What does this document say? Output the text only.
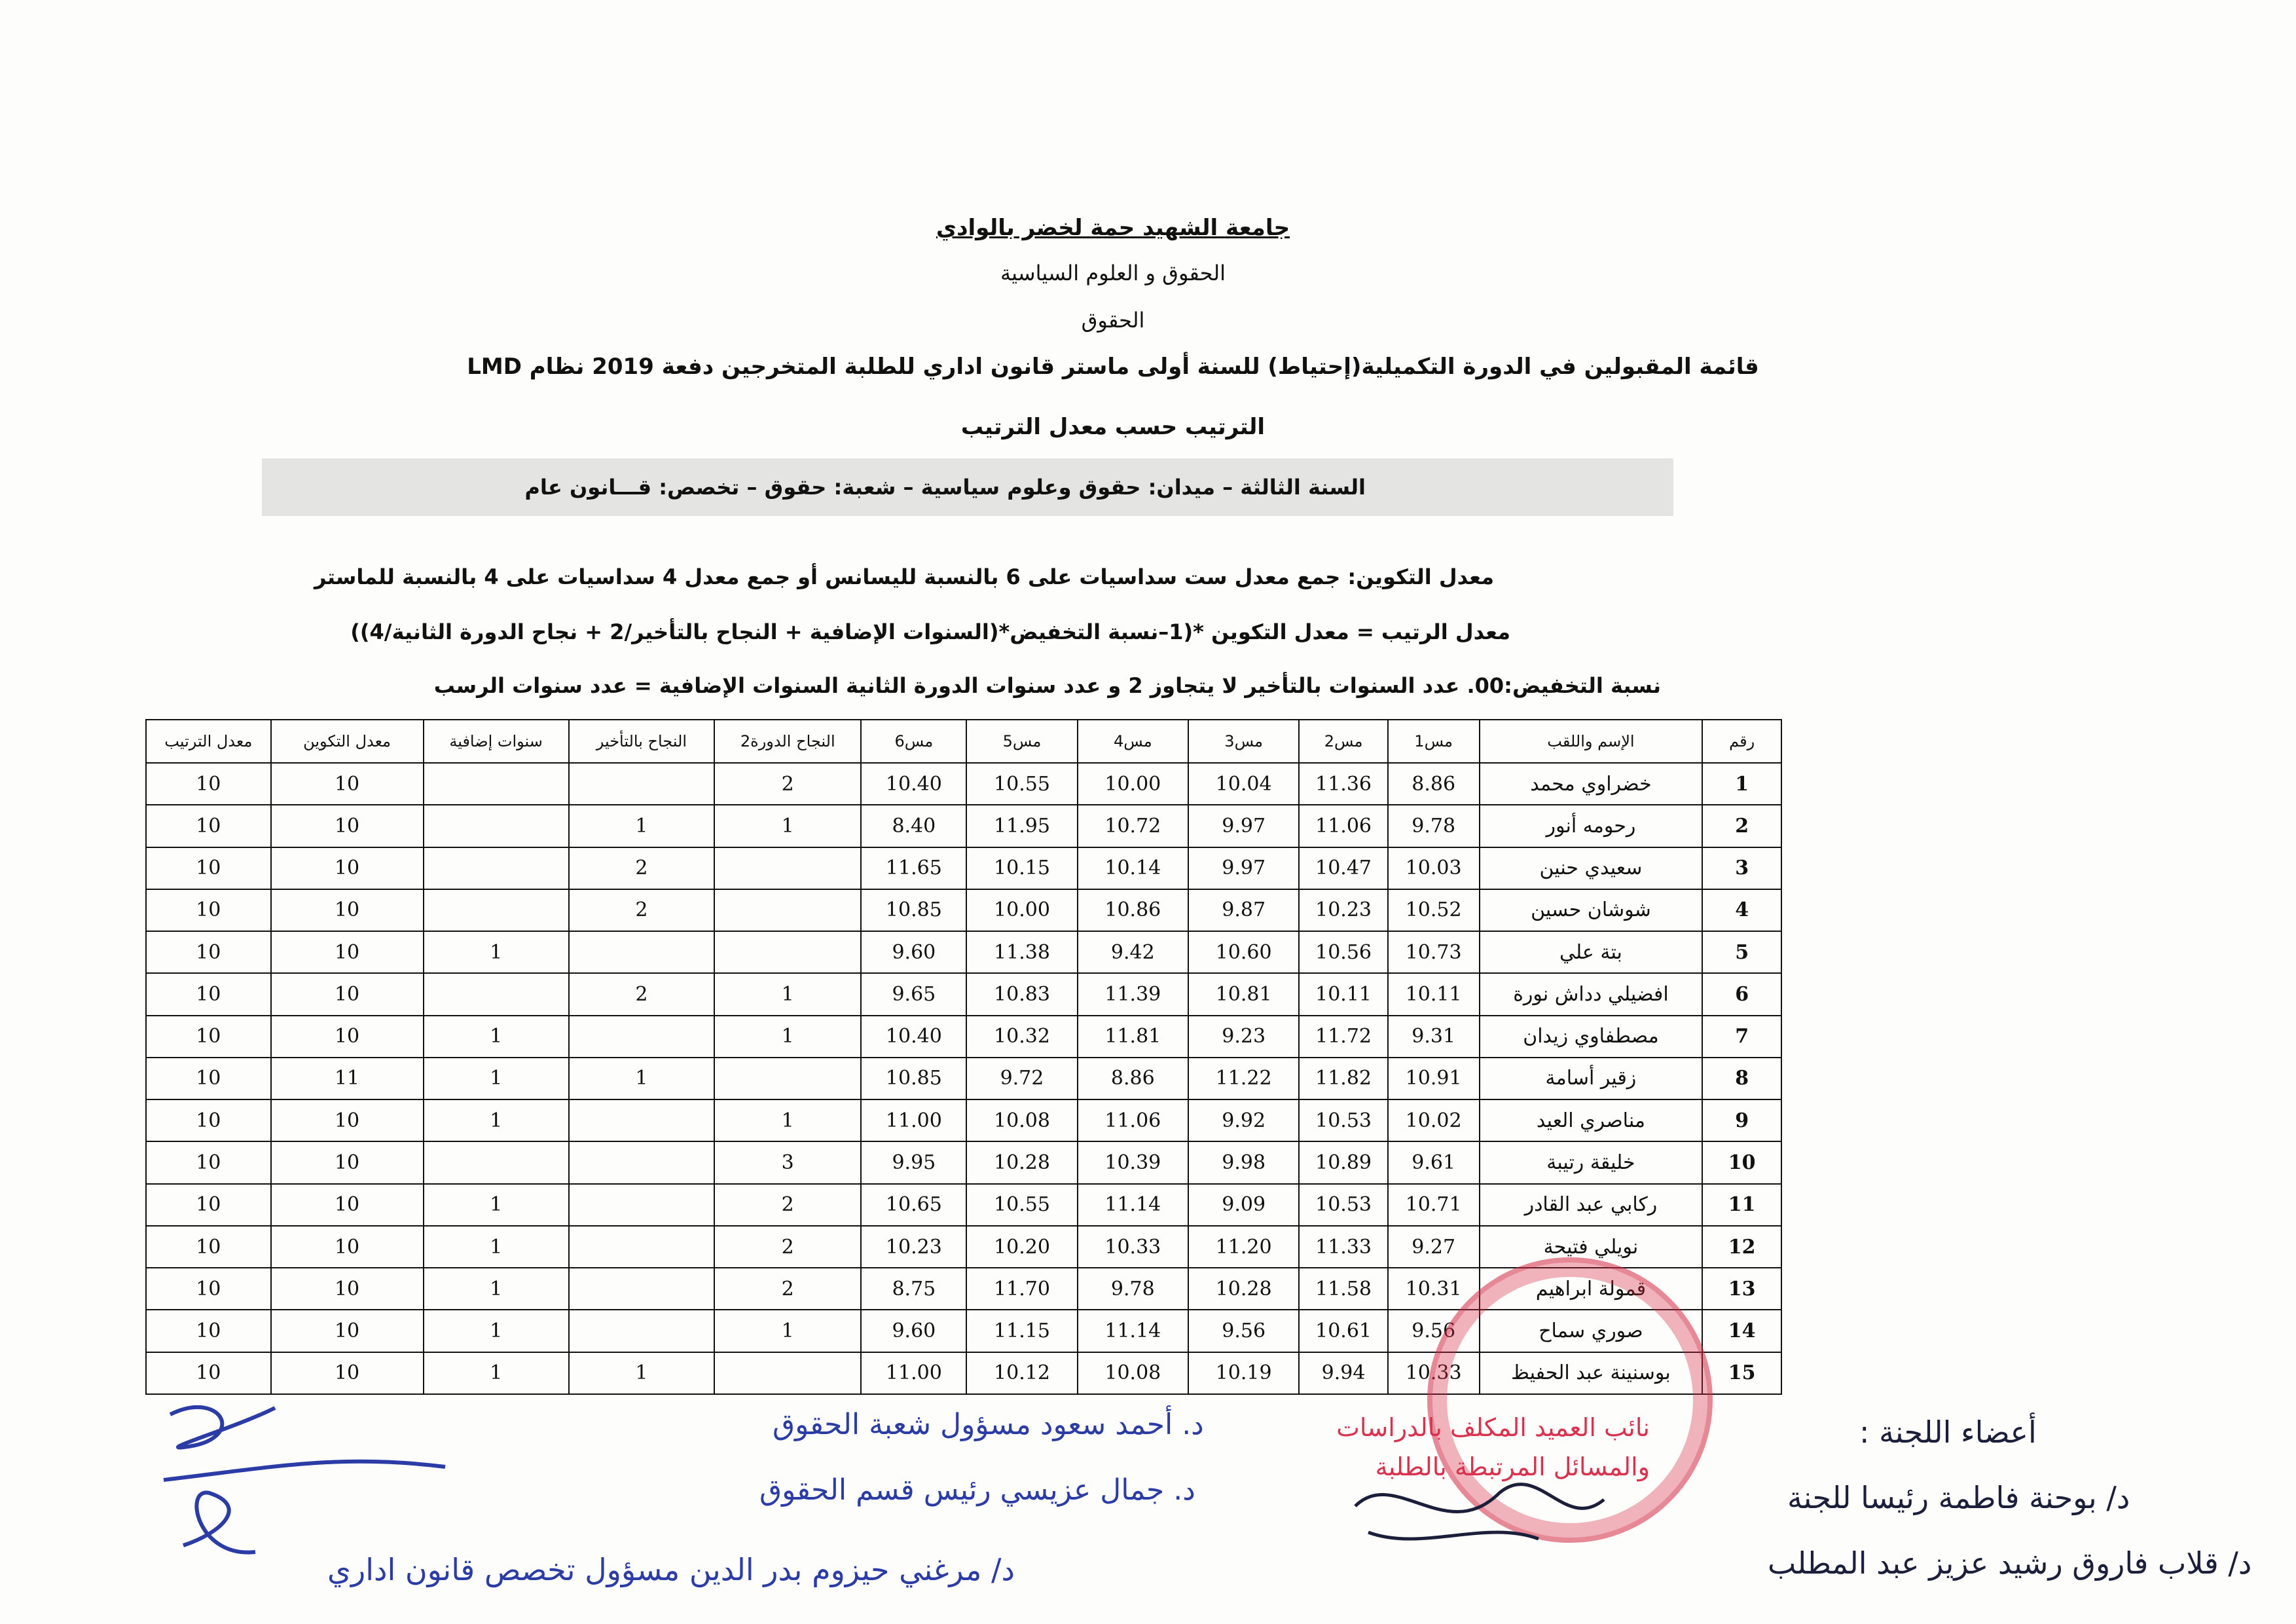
جامعة الشهيد حمة لخضر بالوادي
الحقوق و العلوم السياسية
الحقوق
قائمة المقبولين في الدورة التكميلية(إحتياط) للسنة أولى ماستر قانون اداري للطلبة المتخرجين دفعة 2019 نظام LMD
الترتيب حسب معدل الترتيب
السنة الثالثة – ميدان: حقوق وعلوم سياسية – شعبة: حقوق – تخصص: قـــانون عام
معدل التكوين: جمع معدل ست سداسيات على 6 بالنسبة لليسانس أو جمع معدل 4 سداسيات على 4 بالنسبة للماستر
معدل الرتيب = معدل التكوين *(1–نسبة التخفيض*(السنوات الإضافية + النجاح بالتأخير/2 + نجاح الدورة الثانية/4))
نسبة التخفيض:00. عدد السنوات بالتأخير لا يتجاوز 2 و عدد سنوات الدورة الثانية السنوات الإضافية = عدد سنوات الرسب
رقم	الإسم واللقب	مس1	مس2	مس3	مس4	مس5	مس6	النجاح الدورة2	النجاح بالتأخير	سنوات إضافية	معدل التكوين	معدل الترتيب
1	خضراوي محمد	8.86	11.36	10.04	10.00	10.55	10.40	2			10	10
2	رحومه أنور	9.78	11.06	9.97	10.72	11.95	8.40	1	1		10	10
3	سعيدي حنين	10.03	10.47	9.97	10.14	10.15	11.65		2		10	10
4	شوشان حسين	10.52	10.23	9.87	10.86	10.00	10.85		2		10	10
5	بتة علي	10.73	10.56	10.60	9.42	11.38	9.60			1	10	10
6	افضيلي دداش نورة	10.11	10.11	10.81	11.39	10.83	9.65	1	2		10	10
7	مصطفاوي زيدان	9.31	11.72	9.23	11.81	10.32	10.40	1		1	10	10
8	زقير أسامة	10.91	11.82	11.22	8.86	9.72	10.85		1	1	11	10
9	مناصري العيد	10.02	10.53	9.92	11.06	10.08	11.00	1		1	10	10
10	خليقة رتيبة	9.61	10.89	9.98	10.39	10.28	9.95	3			10	10
11	ركابي عبد القادر	10.71	10.53	9.09	11.14	10.55	10.65	2		1	10	10
12	نويلي فتيحة	9.27	11.33	11.20	10.33	10.20	10.23	2		1	10	10
13	قمولة ابراهيم	10.31	11.58	10.28	9.78	11.70	8.75	2		1	10	10
14	صوري سماح	9.56	10.61	9.56	11.14	11.15	9.60	1		1	10	10
15	بوسنينة عبد الحفيظ	10.33	9.94	10.19	10.08	10.12	11.00		1	1	10	10
نائب العميد المكلف بالدراسات
والمسائل المرتبطة بالطلبة
د. أحمد سعود مسؤول شعبة الحقوق
د. جمال عزيسي رئيس قسم الحقوق
د/ مرغني حيزوم بدر الدين مسؤول تخصص قانون اداري
أعضاء اللجنة :
د/ بوحنة فاطمة رئيسا للجنة
د/ قلاب فاروق رشيد عزيز عبد المطلب
